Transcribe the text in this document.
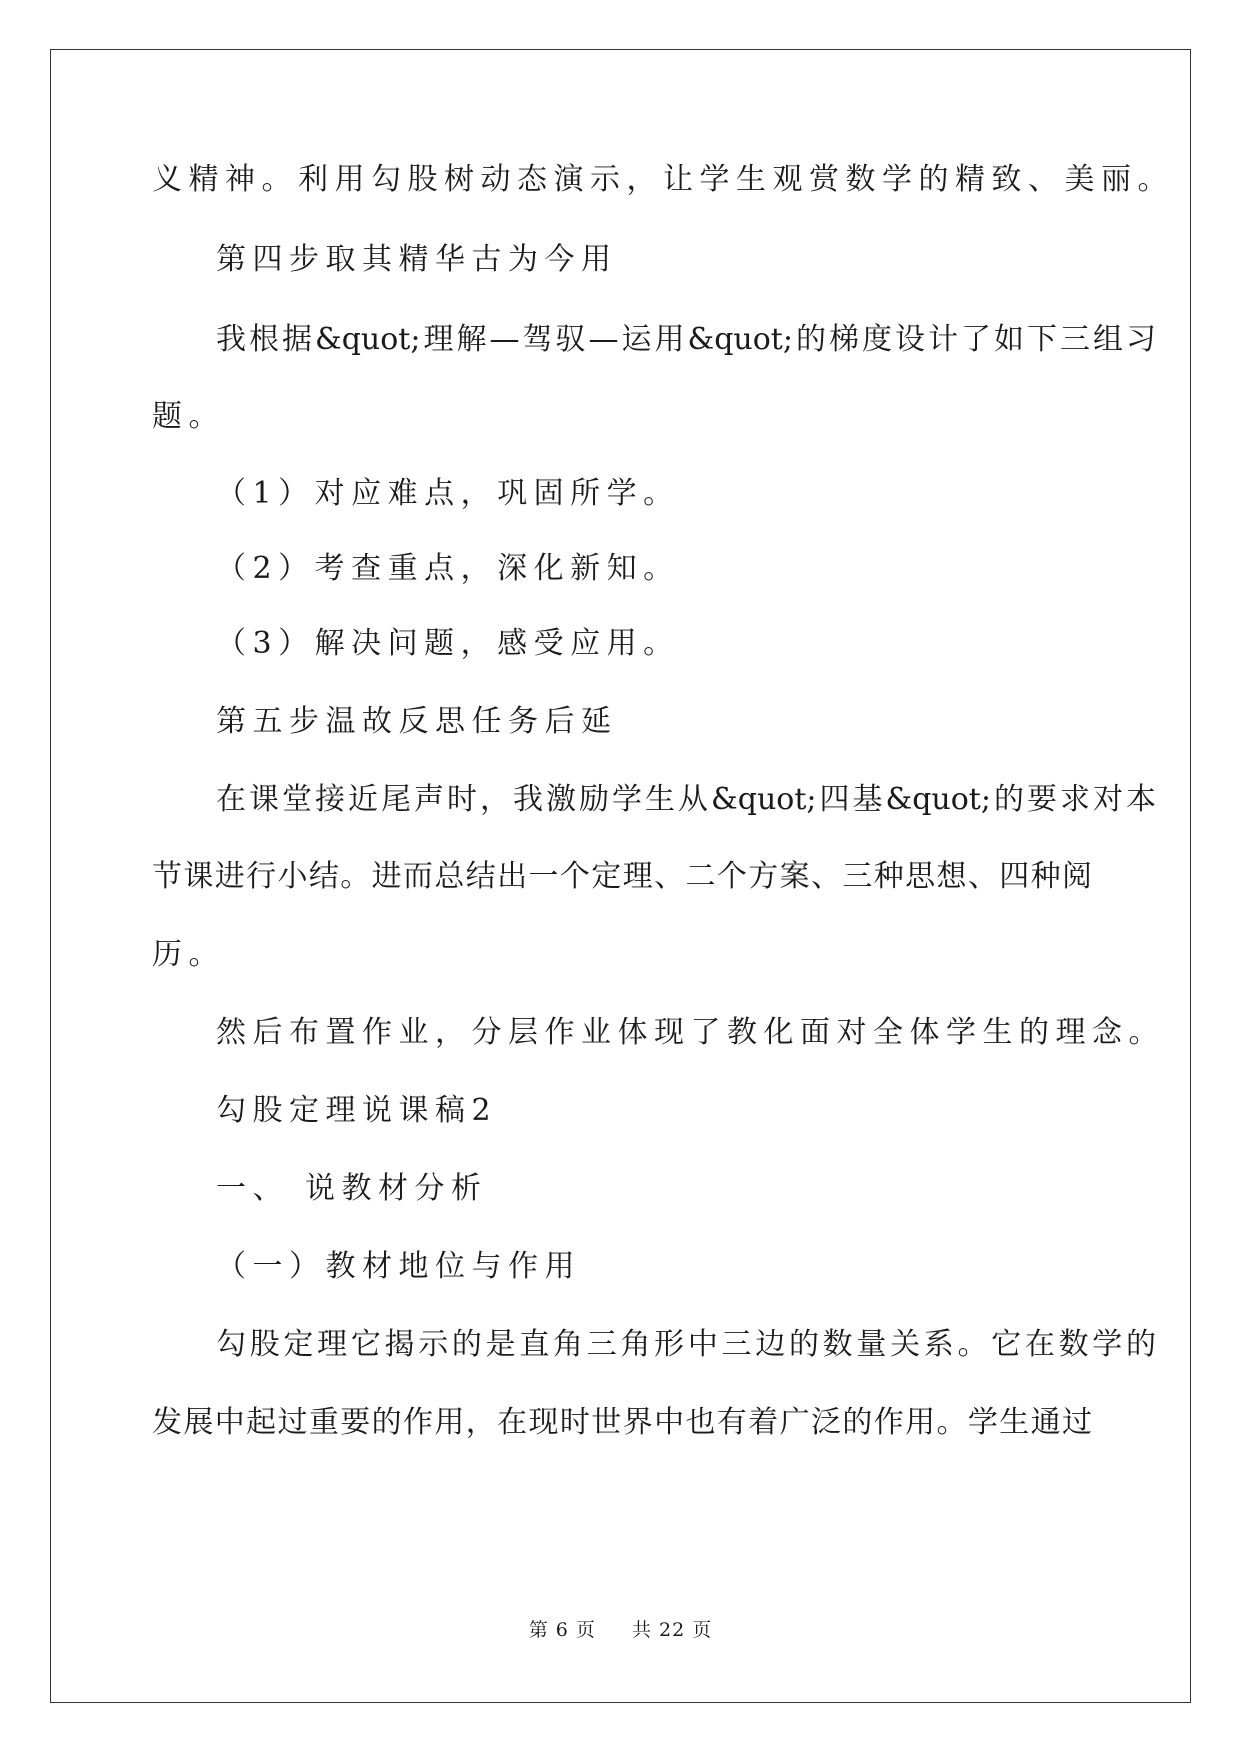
义精神。利用勾股树动态演示，让学生观赏数学的精致、美丽。
第四步取其精华古为今用
我根据&quot;理解—驾驭—运用&quot;的梯度设计了如下三组习
题。
（1）对应难点，巩固所学。
（2）考查重点，深化新知。
（3）解决问题，感受应用。
第五步温故反思任务后延
在课堂接近尾声时，我激励学生从&quot;四基&quot;的要求对本
节课进行小结。进而总结出一个定理、二个方案、三种思想、四种阅
历。
然后布置作业，分层作业体现了教化面对全体学生的理念。
勾股定理说课稿2
一、 说教材分析
（一）教材地位与作用
勾股定理它揭示的是直角三角形中三边的数量关系。它在数学的
发展中起过重要的作用，在现时世界中也有着广泛的作用。学生通过
第 6 页 共 22 页
